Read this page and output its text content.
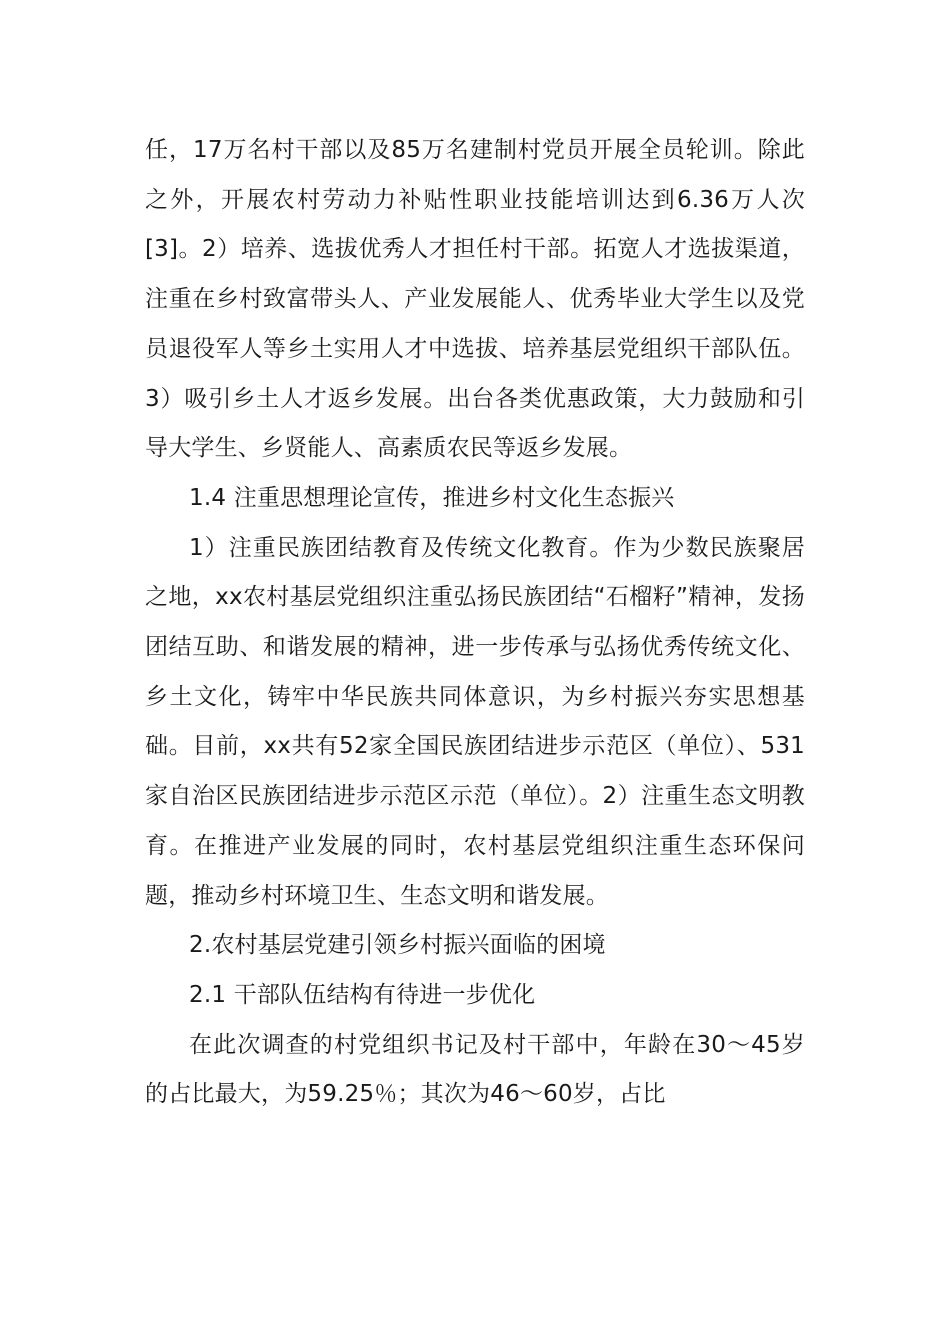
任，17万名村干部以及85万名建制村党员开展全员轮训。除此之外，开展农村劳动力补贴性职业技能培训达到6.36万人次[3]。2）培养、选拔优秀人才担任村干部。拓宽人才选拔渠道，注重在乡村致富带头人、产业发展能人、优秀毕业大学生以及党员退役军人等乡土实用人才中选拔、培养基层党组织干部队伍。3）吸引乡土人才返乡发展。出台各类优惠政策，大力鼓励和引导大学生、乡贤能人、高素质农民等返乡发展。

1.4 注重思想理论宣传，推进乡村文化生态振兴

1）注重民族团结教育及传统文化教育。作为少数民族聚居之地，xx农村基层党组织注重弘扬民族团结“石榴籽”精神，发扬团结互助、和谐发展的精神，进一步传承与弘扬优秀传统文化、乡土文化，铸牢中华民族共同体意识，为乡村振兴夯实思想基础。目前，xx共有52家全国民族团结进步示范区（单位）、531家自治区民族团结进步示范区示范（单位）。2）注重生态文明教育。在推进产业发展的同时，农村基层党组织注重生态环保问题，推动乡村环境卫生、生态文明和谐发展。

2.农村基层党建引领乡村振兴面临的困境

2.1 干部队伍结构有待进一步优化

在此次调查的村党组织书记及村干部中，年龄在30～45岁的占比最大，为59.25％；其次为46～60岁，占比
